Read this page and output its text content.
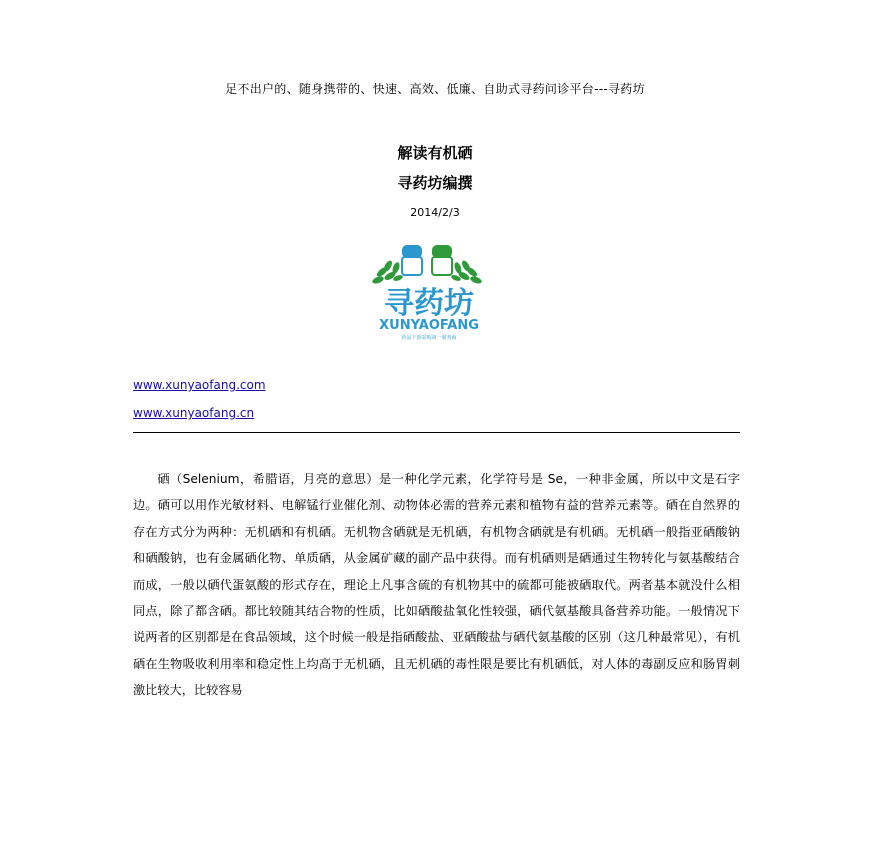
足不出户的、随身携带的、快速、高效、低廉、自助式寻药问诊平台---寻药坊
解读有机硒
寻药坊编撰
2014/2/3
寻药坊
XUNYAOFANG
药品下游采购第一服务商
www.xunyaofang.com
www.xunyaofang.cn

硒（Selenium，希腊语，月亮的意思）是一种化学元素，化学符号是 Se，一种非金属，所以中文是石字边。硒可以用作光敏材料、电解锰行业催化剂、动物体必需的营养元素和植物有益的营养元素等。硒在自然界的存在方式分为两种：无机硒和有机硒。无机物含硒就是无机硒，有机物含硒就是有机硒。无机硒一般指亚硒酸钠和硒酸钠，也有金属硒化物、单质硒，从金属矿藏的副产品中获得。而有机硒则是硒通过生物转化与氨基酸结合而成，一般以硒代蛋氨酸的形式存在，理论上凡事含硫的有机物其中的硫都可能被硒取代。两者基本就没什么相同点，除了都含硒。都比较随其结合物的性质，比如硒酸盐氧化性较强，硒代氨基酸具备营养功能。一般情况下说两者的区别都是在食品领域，这个时候一般是指硒酸盐、亚硒酸盐与硒代氨基酸的区别（这几种最常见），有机硒在生物吸收利用率和稳定性上均高于无机硒，且无机硒的毒性限是要比有机硒低，对人体的毒副反应和肠胃刺激比较大，比较容易
